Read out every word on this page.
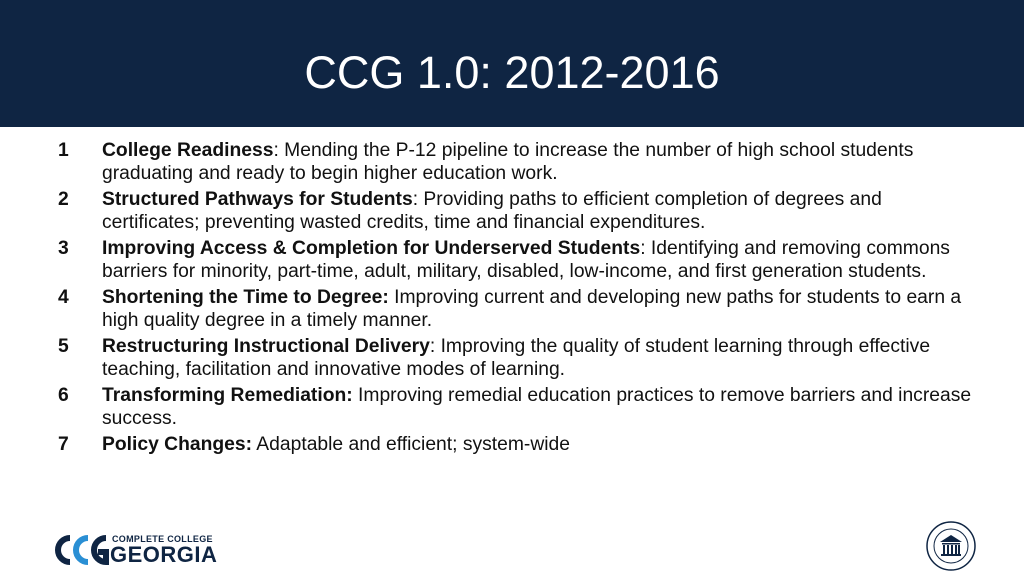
CCG 1.0: 2012-2016
1 College Readiness: Mending the P-12 pipeline to increase the number of high school students graduating and ready to begin higher education work.
2 Structured Pathways for Students: Providing paths to efficient completion of degrees and certificates; preventing wasted credits, time and financial expenditures.
3 Improving Access & Completion for Underserved Students: Identifying and removing commons barriers for minority, part-time, adult, military, disabled, low-income, and first generation students.
4 Shortening the Time to Degree: Improving current and developing new paths for students to earn a high quality degree in a timely manner.
5 Restructuring Instructional Delivery: Improving the quality of student learning through effective teaching, facilitation and innovative modes of learning.
6 Transforming Remediation: Improving remedial education practices to remove barriers and increase success.
7 Policy Changes: Adaptable and efficient; system-wide
COMPLETE COLLEGE
GEORGIA
